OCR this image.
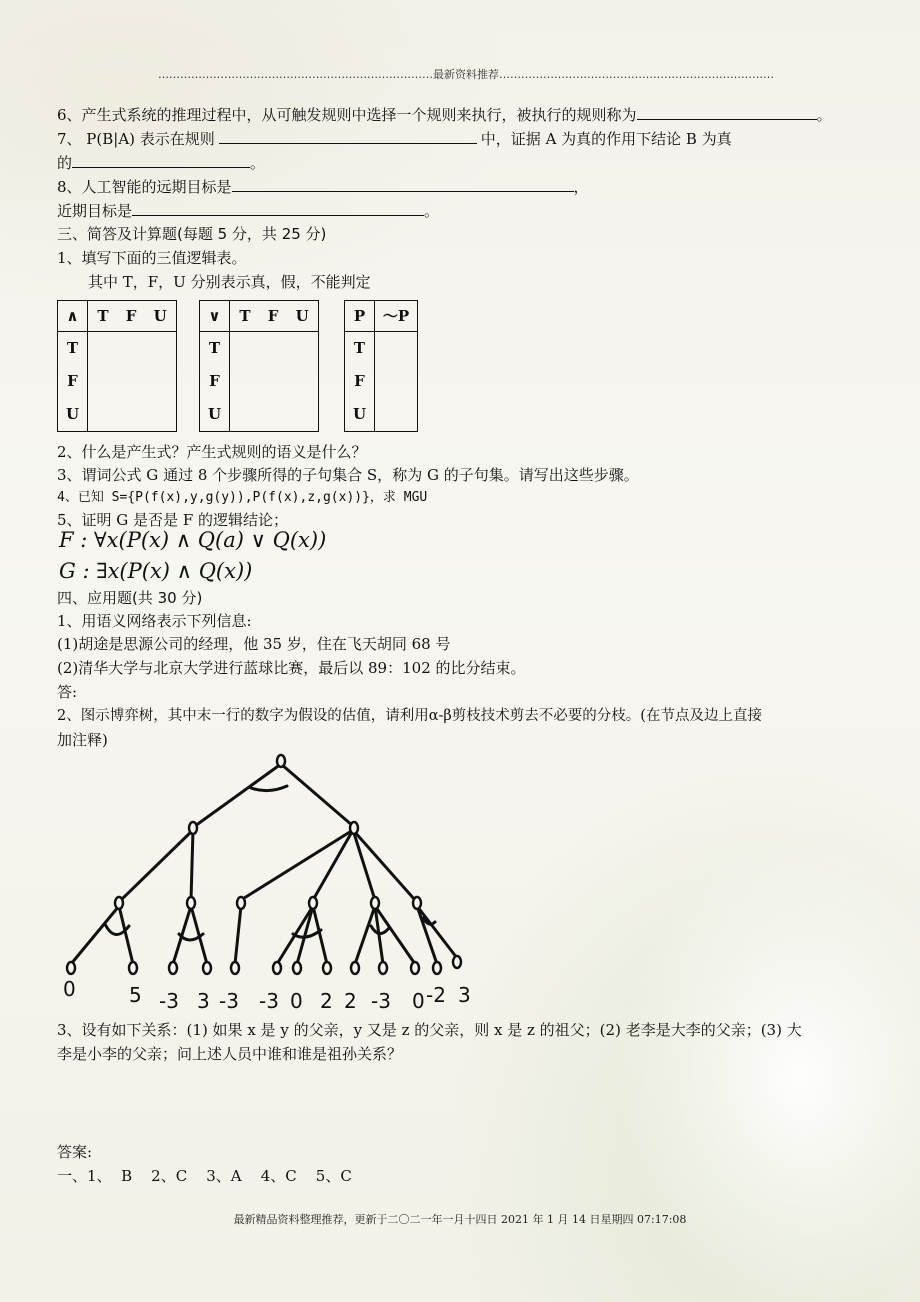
…………………………………………………………………最新资料推荐…………………………………………………………………
6、产生式系统的推理过程中，从可触发规则中选择一个规则来执行，被执行的规则称为	。
7、 P(B|A) 表示在规则	中，证据 A 为真的作用下结论 B 为真
的	。
8、人工智能的远期目标是	，
近期目标是	。
三、简答及计算题(每题 5 分，共 25 分)
1、填写下面的三值逻辑表。
其中 T，F，U 分别表示真，假，不能判定
∧	T F U

T
F
U	

∨	T F U

T
F
U	

P	～P

T
F
U	

2、什么是产生式？产生式规则的语义是什么？
3、谓词公式 G 通过 8 个步骤所得的子句集合 S，称为 G 的子句集。请写出这些步骤。
4、已知 S={P(f(x),y,g(y)),P(f(x),z,g(x))}，求 MGU
5、证明 G 是否是 F 的逻辑结论；
F : ∀x(P(x) ∧ Q(a) ∨ Q(x))
G : ∃x(P(x) ∧ Q(x))
四、应用题(共 30 分)
1、用语义网络表示下列信息:
(1)胡途是思源公司的经理，他 35 岁，住在飞天胡同 68 号
(2)清华大学与北京大学进行蓝球比赛，最后以 89：102 的比分结束。
答:
2、图示博弈树，其中末一行的数字为假设的估值，请利用α-β剪枝技术剪去不必要的分枝。(在节点及边上直接
加注释)
0	5 -3 3 -3 -3 0 2 2 -3 0 -2 3
3、设有如下关系：(1) 如果 x 是 y 的父亲，y 又是 z 的父亲，则 x 是 z 的祖父；(2) 老李是大李的父亲；(3) 大
李是小李的父亲；问上述人员中谁和谁是祖孙关系？
答案:
一、1、  B    2、C    3、A    4、C    5、C
最新精品资料整理推荐，更新于二〇二一年一月十四日 2021 年 1 月 14 日星期四 07:17:08
